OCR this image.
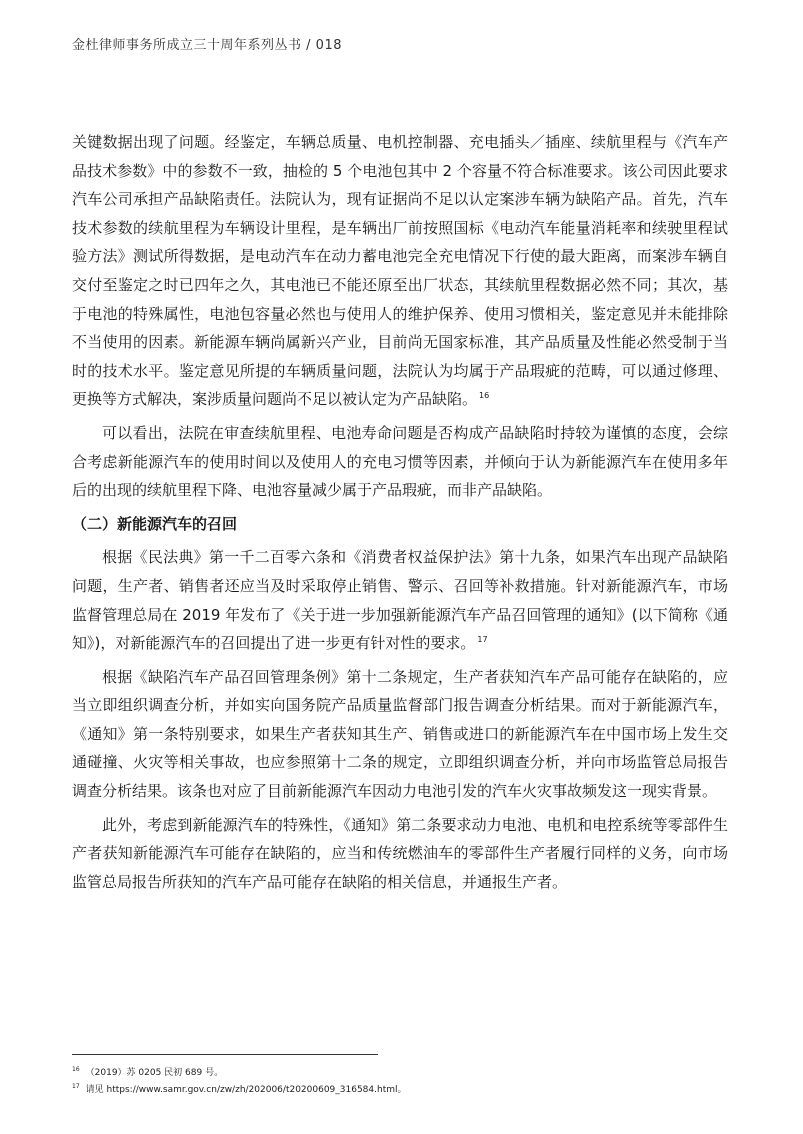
金杜律师事务所成立三十周年系列丛书 / 018

关键数据出现了问题。经鉴定，车辆总质量、电机控制器、充电插头／插座、续航里程与《汽车产品技术参数》中的参数不一致，抽检的 5 个电池包其中 2 个容量不符合标准要求。该公司因此要求汽车公司承担产品缺陷责任。法院认为，现有证据尚不足以认定案涉车辆为缺陷产品。首先，汽车技术参数的续航里程为车辆设计里程，是车辆出厂前按照国标《电动汽车能量消耗率和续驶里程试验方法》测试所得数据，是电动汽车在动力蓄电池完全充电情况下行使的最大距离，而案涉车辆自交付至鉴定之时已四年之久，其电池已不能还原至出厂状态，其续航里程数据必然不同；其次，基于电池的特殊属性，电池包容量必然也与使用人的维护保养、使用习惯相关，鉴定意见并未能排除不当使用的因素。新能源车辆尚属新兴产业，目前尚无国家标准，其产品质量及性能必然受制于当时的技术水平。鉴定意见所提的车辆质量问题，法院认为均属于产品瑕疵的范畴，可以通过修理、更换等方式解决，案涉质量问题尚不足以被认定为产品缺陷。 $^{16}$

可以看出，法院在审查续航里程、电池寿命问题是否构成产品缺陷时持较为谨慎的态度，会综合考虑新能源汽车的使用时间以及使用人的充电习惯等因素，并倾向于认为新能源汽车在使用多年后的出现的续航里程下降、电池容量减少属于产品瑕疵，而非产品缺陷。

（二）新能源汽车的召回

根据《民法典》第一千二百零六条和《消费者权益保护法》第十九条，如果汽车出现产品缺陷问题，生产者、销售者还应当及时采取停止销售、警示、召回等补救措施。针对新能源汽车，市场监督管理总局在 2019 年发布了《关于进一步加强新能源汽车产品召回管理的通知》(以下简称《通知》)，对新能源汽车的召回提出了进一步更有针对性的要求。 $^{17}$

根据《缺陷汽车产品召回管理条例》第十二条规定，生产者获知汽车产品可能存在缺陷的，应当立即组织调查分析，并如实向国务院产品质量监督部门报告调查分析结果。而对于新能源汽车，《通知》第一条特别要求，如果生产者获知其生产、销售或进口的新能源汽车在中国市场上发生交通碰撞、火灾等相关事故，也应参照第十二条的规定，立即组织调查分析，并向市场监管总局报告调查分析结果。该条也对应了目前新能源汽车因动力电池引发的汽车火灾事故频发这一现实背景。

此外，考虑到新能源汽车的特殊性，《通知》第二条要求动力电池、电机和电控系统等零部件生产者获知新能源汽车可能存在缺陷的，应当和传统燃油车的零部件生产者履行同样的义务，向市场监管总局报告所获知的汽车产品可能存在缺陷的相关信息，并通报生产者。

$^{16}$ （2019）苏 0205 民初 689 号。
$^{17}$ 请见 https://www.samr.gov.cn/zw/zh/202006/t20200609_316584.html。
